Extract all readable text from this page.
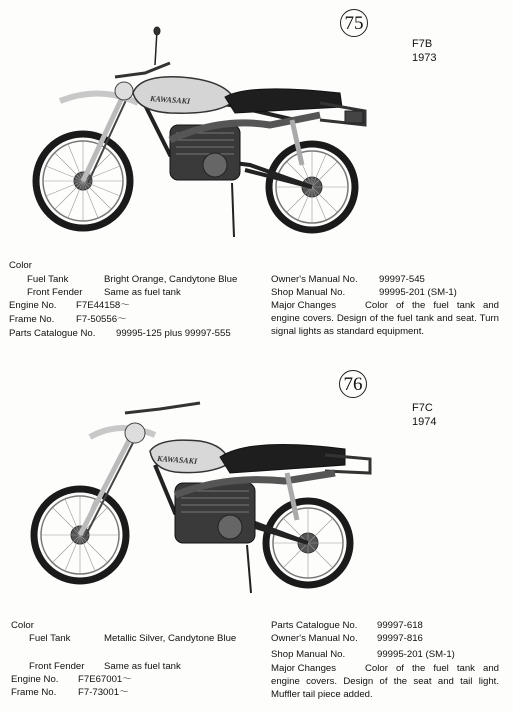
75
F7B
1973
KAWASAKI
Color
Fuel Tank	Bright Orange, Candytone Blue
Front Fender Same as fuel tank
Engine No. F7E44158～
Frame No. F7-50556～
Parts Catalogue No. 99995-125 plus 99997-555
Owner's Manual No. 99997-545
Shop Manual No.	99995-201 (SM-1)
Major Changes	Color of the fuel tank and engine covers. Design of the fuel tank and seat. Turn signal lights as standard equipment.
76
F7C
1974
KAWASAKI
Color
Fuel Tank	Metallic Silver, Candytone Blue
Front Fender Same as fuel tank
Engine No. F7E67001～
Frame No. F7-73001～
Parts Catalogue No. 99997-618
Owner's Manual No. 99997-816
Shop Manual No.	99995-201 (SM-1)
Major Changes	Color of the fuel tank and engine covers. Design of the seat and tail light. Muffler tail piece added.
